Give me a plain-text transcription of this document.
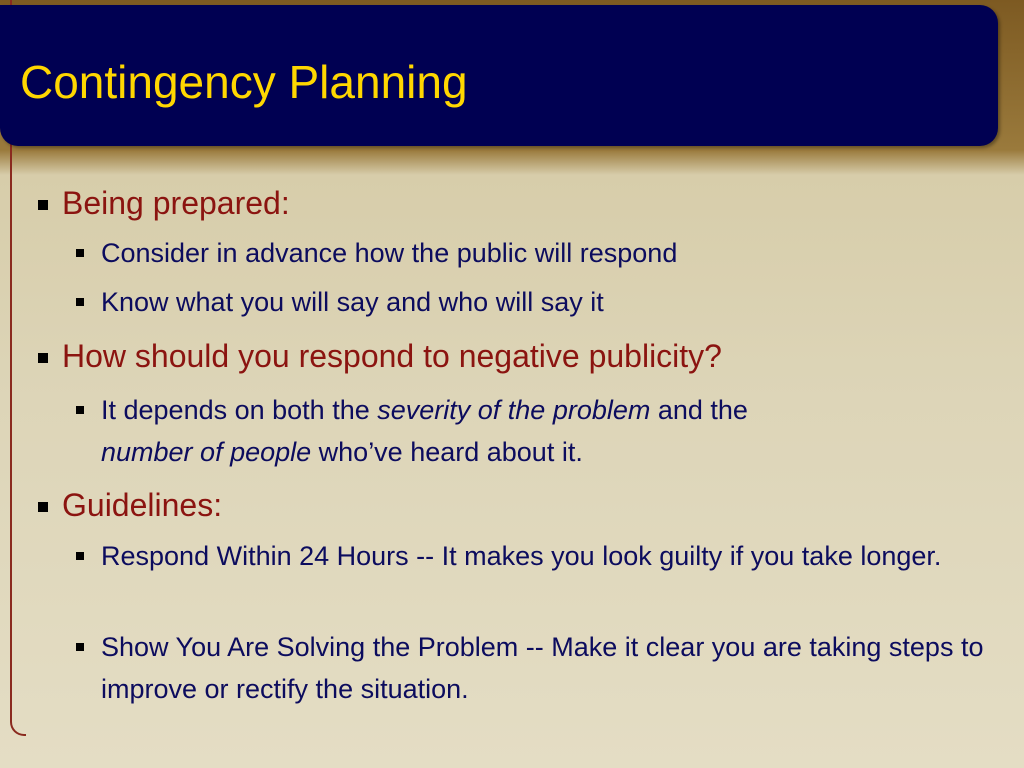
Contingency Planning

Being prepared:

Consider in advance how the public will respond

Know what you will say and who will say it

How should you respond to negative publicity?

It depends on both the severity of the problem and the
number of people who’ve heard about it.

Guidelines:

Respond Within 24 Hours -- It makes you look guilty if you take longer.

Show You Are Solving the Problem -- Make it clear you are taking steps to improve or rectify the situation.
